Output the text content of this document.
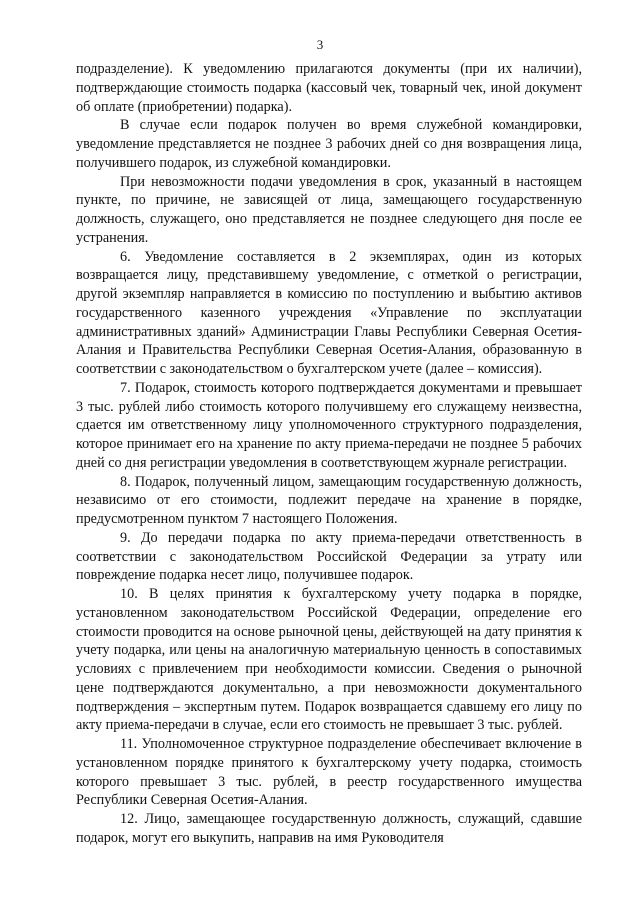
3

подразделение). К уведомлению прилагаются документы (при их наличии), подтверждающие стоимость подарка (кассовый чек, товарный чек, иной документ об оплате (приобретении) подарка).

В случае если подарок получен во время служебной командировки, уведомление представляется не позднее 3 рабочих дней со дня возвращения лица, получившего подарок, из служебной командировки.

При невозможности подачи уведомления в срок, указанный в настоящем пункте, по причине, не зависящей от лица, замещающего государственную должность, служащего, оно представляется не позднее следующего дня после ее устранения.

6. Уведомление составляется в 2 экземплярах, один из которых возвращается лицу, представившему уведомление, с отметкой о регистрации, другой экземпляр направляется в комиссию по поступлению и выбытию активов государственного казенного учреждения «Управление по эксплуатации административных зданий» Администрации Главы Республики Северная Осетия-Алания и Правительства Республики Северная Осетия-Алания, образованную в соответствии с законодательством о бухгалтерском учете (далее – комиссия).

7. Подарок, стоимость которого подтверждается документами и превышает 3 тыс. рублей либо стоимость которого получившему его служащему неизвестна, сдается им ответственному лицу уполномоченного структурного подразделения, которое принимает его на хранение по акту приема-передачи не позднее 5 рабочих дней со дня регистрации уведомления в соответствующем журнале регистрации.

8. Подарок, полученный лицом, замещающим государственную должность, независимо от его стоимости, подлежит передаче на хранение в порядке, предусмотренном пунктом 7 настоящего Положения.

9. До передачи подарка по акту приема-передачи ответственность в соответствии с законодательством Российской Федерации за утрату или повреждение подарка несет лицо, получившее подарок.

10. В целях принятия к бухгалтерскому учету подарка в порядке, установленном законодательством Российской Федерации, определение его стоимости проводится на основе рыночной цены, действующей на дату принятия к учету подарка, или цены на аналогичную материальную ценность в сопоставимых условиях с привлечением при необходимости комиссии. Сведения о рыночной цене подтверждаются документально, а при невозможности документального подтверждения – экспертным путем. Подарок возвращается сдавшему его лицу по акту приема-передачи в случае, если его стоимость не превышает 3 тыс. рублей.

11. Уполномоченное структурное подразделение обеспечивает включение в установленном порядке принятого к бухгалтерскому учету подарка, стоимость которого превышает 3 тыс. рублей, в реестр государственного имущества Республики Северная Осетия-Алания.

12. Лицо, замещающее государственную должность, служащий, сдавшие подарок, могут его выкупить, направив на имя Руководителя
